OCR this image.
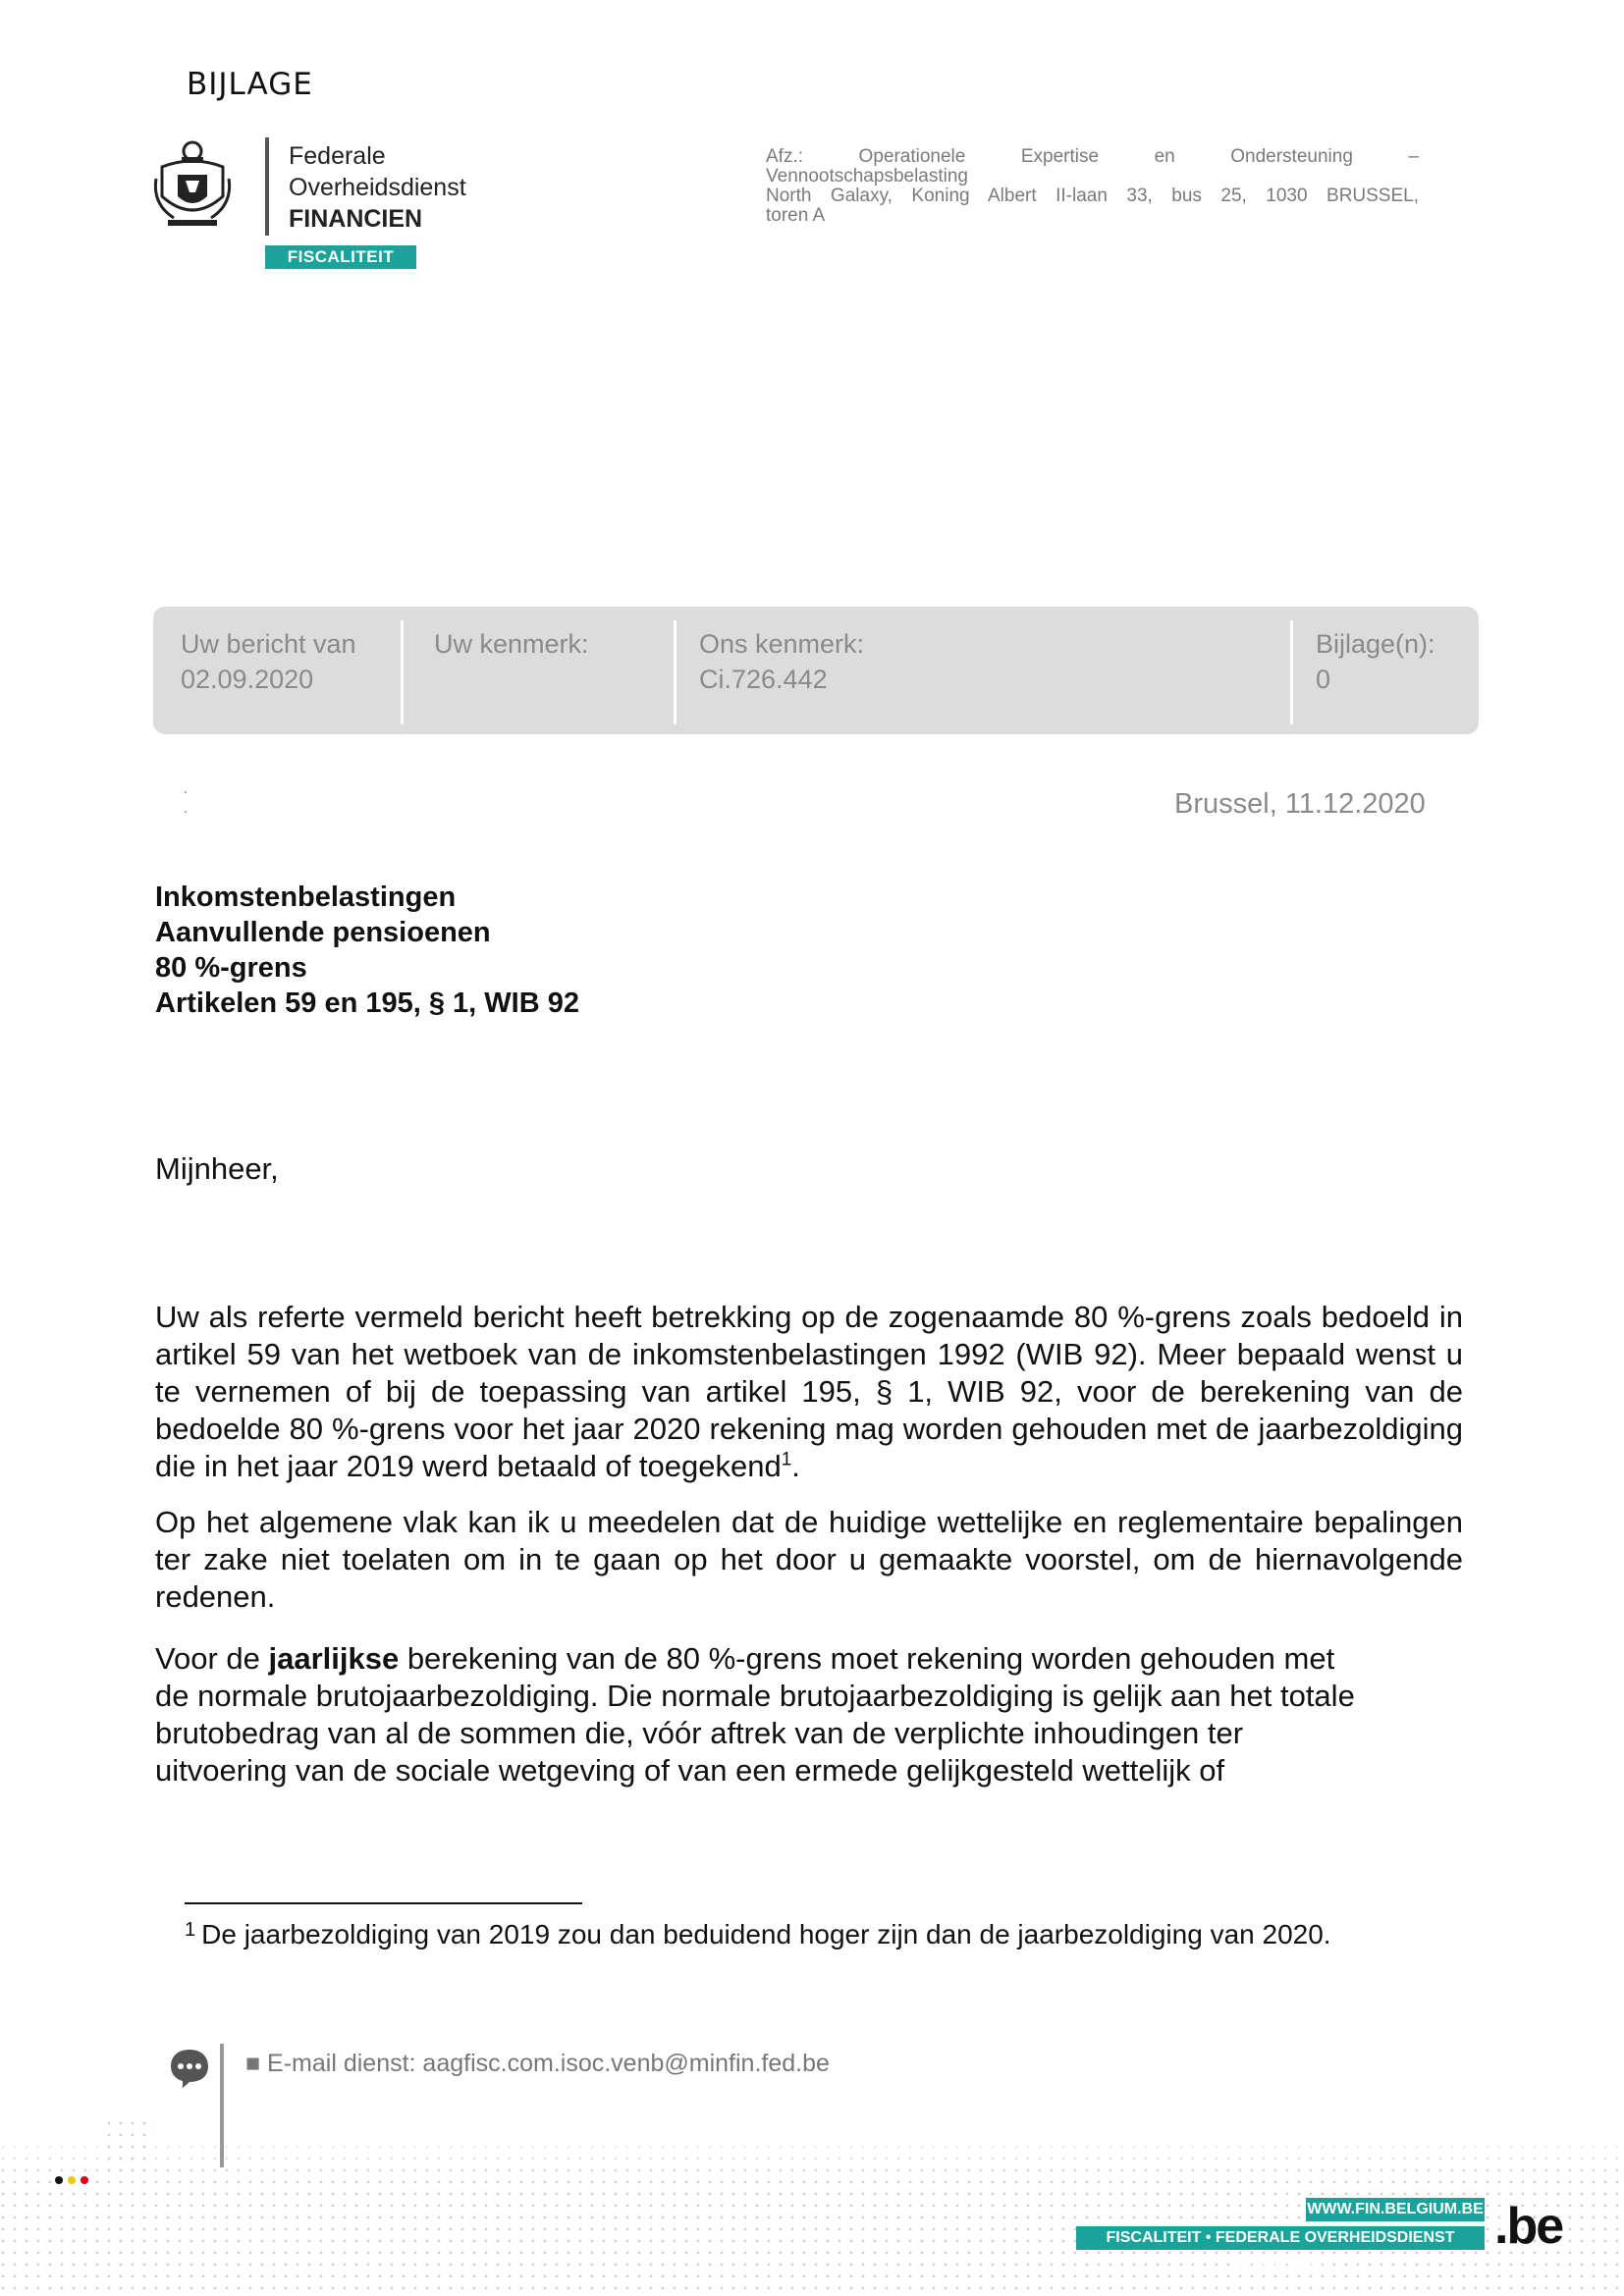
BIJLAGE
Federale
Overheidsdienst
FINANCIEN
FISCALITEIT
Afz.: Operationele Expertise en Ondersteuning –
Vennootschapsbelasting
North Galaxy, Koning Albert II-laan 33, bus 25, 1030 BRUSSEL,
toren A
Uw bericht van
02.09.2020
Uw kenmerk:	Ons kenmerk:
Ci.726.442
Bijlage(n):
0
Brussel, 11.12.2020
Inkomstenbelastingen
Aanvullende pensioenen
80 %-grens
Artikelen 59 en 195, § 1, WIB 92
Mijnheer,
Uw als referte vermeld bericht heeft betrekking op de zogenaamde 80 %-grens zoals bedoeld in artikel 59 van het wetboek van de inkomstenbelastingen 1992 (WIB 92). Meer bepaald wenst u te vernemen of bij de toepassing van artikel 195, § 1, WIB 92, voor de berekening van de bedoelde 80 %-grens voor het jaar 2020 rekening mag worden gehouden met de jaarbezoldiging die in het jaar 2019 werd betaald of toegekend$^1$.
Op het algemene vlak kan ik u meedelen dat de huidige wettelijke en reglementaire bepalingen ter zake niet toelaten om in te gaan op het door u gemaakte voorstel, om de hiernavolgende redenen.
Voor de jaarlijkse berekening van de 80 %-grens moet rekening worden gehouden met
de normale brutojaarbezoldiging. Die normale brutojaarbezoldiging is gelijk aan het totale
brutobedrag van al de sommen die, vóór aftrek van de verplichte inhoudingen ter
uitvoering van de sociale wetgeving of van een ermede gelijkgesteld wettelijk of
$^1$ De jaarbezoldiging van 2019 zou dan beduidend hoger zijn dan de jaarbezoldiging van 2020.
■ E-mail dienst: aagfisc.com.isoc.venb@minfin.fed.be
WWW.FIN.BELGIUM.BE
FISCALITEIT • FEDERALE OVERHEIDSDIENST FINANCIEN
.be
